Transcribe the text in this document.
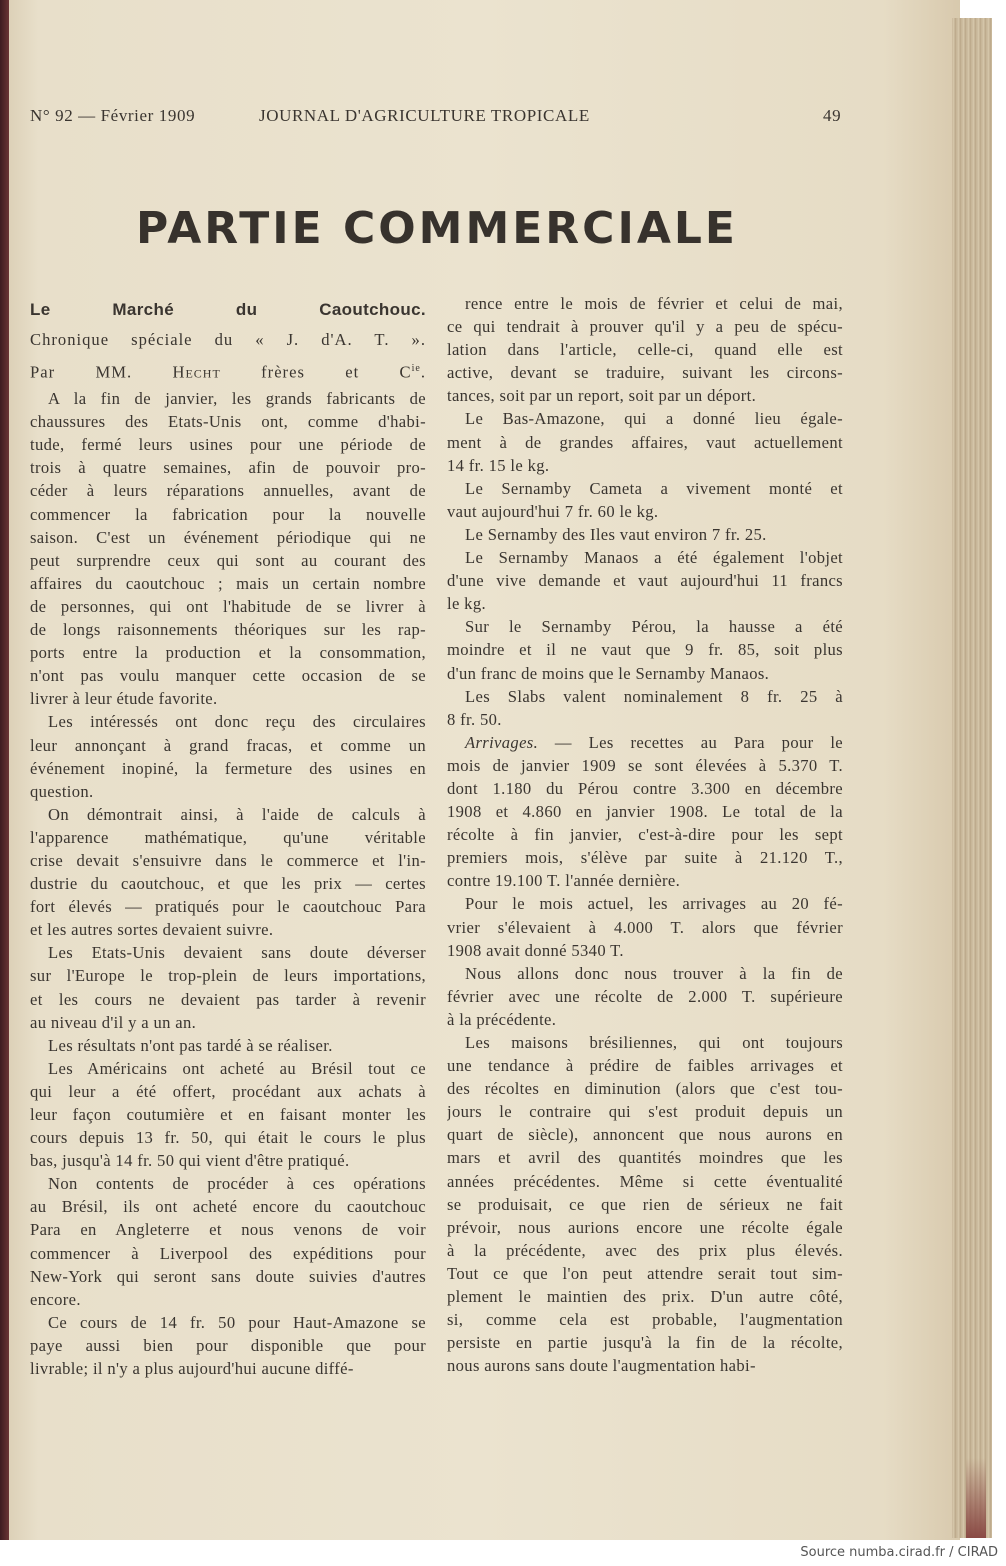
N° 92 — Février 1909	JOURNAL D'AGRICULTURE TROPICALE	49
PARTIE COMMERCIALE
Le Marché du Caoutchouc.
Chronique spéciale du « J. d'A. T. ».
Par MM. Hecht frères et $C^{ie}$.
A la fin de janvier, les grands fabricants de
chaussures des Etats-Unis ont, comme d'habi-
tude, fermé leurs usines pour une période de
trois à quatre semaines, afin de pouvoir pro-
céder à leurs réparations annuelles, avant de
commencer la fabrication pour la nouvelle
saison. C'est un événement périodique qui ne
peut surprendre ceux qui sont au courant des
affaires du caoutchouc ; mais un certain nombre
de personnes, qui ont l'habitude de se livrer à
de longs raisonnements théoriques sur les rap-
ports entre la production et la consommation,
n'ont pas voulu manquer cette occasion de se
livrer à leur étude favorite.
Les intéressés ont donc reçu des circulaires
leur annonçant à grand fracas, et comme un
événement inopiné, la fermeture des usines en
question.
On démontrait ainsi, à l'aide de calculs à
l'apparence mathématique, qu'une véritable
crise devait s'ensuivre dans le commerce et l'in-
dustrie du caoutchouc, et que les prix — certes
fort élevés — pratiqués pour le caoutchouc Para
et les autres sortes devaient suivre.
Les Etats-Unis devaient sans doute déverser
sur l'Europe le trop-plein de leurs importations,
et les cours ne devaient pas tarder à revenir
au niveau d'il y a un an.
Les résultats n'ont pas tardé à se réaliser.
Les Américains ont acheté au Brésil tout ce
qui leur a été offert, procédant aux achats à
leur façon coutumière et en faisant monter les
cours depuis 13 fr. 50, qui était le cours le plus
bas, jusqu'à 14 fr. 50 qui vient d'être pratiqué.
Non contents de procéder à ces opérations
au Brésil, ils ont acheté encore du caoutchouc
Para en Angleterre et nous venons de voir
commencer à Liverpool des expéditions pour
New-York qui seront sans doute suivies d'autres
encore.
Ce cours de 14 fr. 50 pour Haut-Amazone se
paye aussi bien pour disponible que pour
livrable; il n'y a plus aujourd'hui aucune diffé-
rence entre le mois de février et celui de mai,
ce qui tendrait à prouver qu'il y a peu de spécu-
lation dans l'article, celle-ci, quand elle est
active, devant se traduire, suivant les circons-
tances, soit par un report, soit par un déport.
Le Bas-Amazone, qui a donné lieu égale-
ment à de grandes affaires, vaut actuellement
14 fr. 15 le kg.
Le Sernamby Cameta a vivement monté et
vaut aujourd'hui 7 fr. 60 le kg.
Le Sernamby des Iles vaut environ 7 fr. 25.
Le Sernamby Manaos a été également l'objet
d'une vive demande et vaut aujourd'hui 11 francs
le kg.
Sur le Sernamby Pérou, la hausse a été
moindre et il ne vaut que 9 fr. 85, soit plus
d'un franc de moins que le Sernamby Manaos.
Les Slabs valent nominalement 8 fr. 25 à
8 fr. 50.
Arrivages. — Les recettes au Para pour le
mois de janvier 1909 se sont élevées à 5.370 T.
dont 1.180 du Pérou contre 3.300 en décembre
1908 et 4.860 en janvier 1908. Le total de la
récolte à fin janvier, c'est-à-dire pour les sept
premiers mois, s'élève par suite à 21.120 T.,
contre 19.100 T. l'année dernière.
Pour le mois actuel, les arrivages au 20 fé-
vrier s'élevaient à 4.000 T. alors que février
1908 avait donné 5340 T.
Nous allons donc nous trouver à la fin de
février avec une récolte de 2.000 T. supérieure
à la précédente.
Les maisons brésiliennes, qui ont toujours
une tendance à prédire de faibles arrivages et
des récoltes en diminution (alors que c'est tou-
jours le contraire qui s'est produit depuis un
quart de siècle), annoncent que nous aurons en
mars et avril des quantités moindres que les
années précédentes. Même si cette éventualité
se produisait, ce que rien de sérieux ne fait
prévoir, nous aurions encore une récolte égale
à la précédente, avec des prix plus élevés.
Tout ce que l'on peut attendre serait tout sim-
plement le maintien des prix. D'un autre côté,
si, comme cela est probable, l'augmentation
persiste en partie jusqu'à la fin de la récolte,
nous aurons sans doute l'augmentation habi-
Source numba.cirad.fr / CIRAD
